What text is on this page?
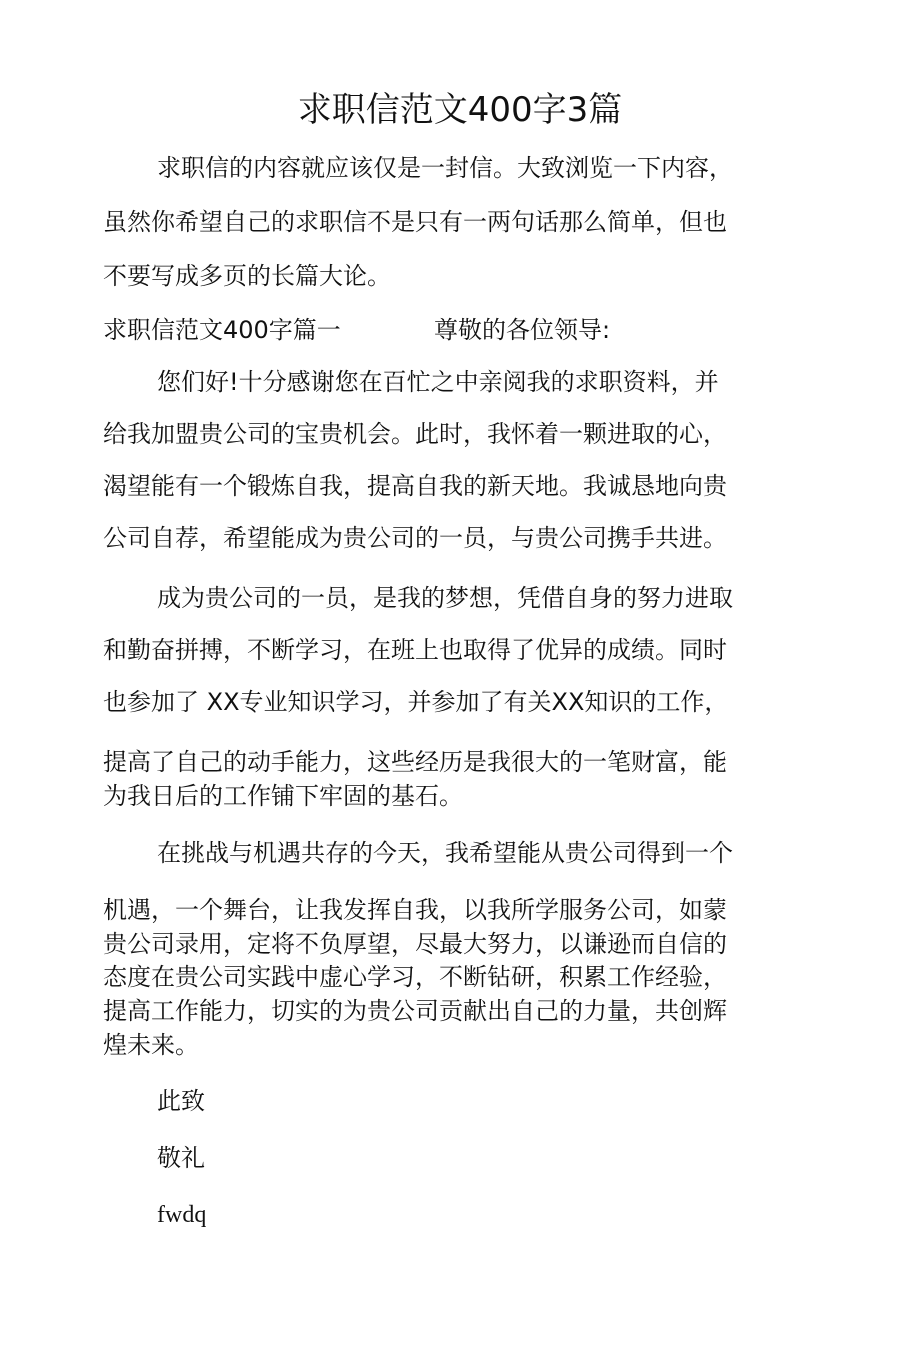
求职信范文400字3篇
求职信的内容就应该仅是一封信。大致浏览一下内容，
虽然你希望自己的求职信不是只有一两句话那么简单，但也
不要写成多页的长篇大论。
求职信范文400字篇一	尊敬的各位领导:
您们好!十分感谢您在百忙之中亲阅我的求职资料，并
给我加盟贵公司的宝贵机会。此时，我怀着一颗进取的心，
渴望能有一个锻炼自我，提高自我的新天地。我诚恳地向贵
公司自荐，希望能成为贵公司的一员，与贵公司携手共进。
成为贵公司的一员，是我的梦想，凭借自身的努力进取
和勤奋拼搏，不断学习，在班上也取得了优异的成绩。同时
也参加了 XX专业知识学习，并参加了有关XX知识的工作，
提高了自己的动手能力，这些经历是我很大的一笔财富，能
为我日后的工作铺下牢固的基石。
在挑战与机遇共存的今天，我希望能从贵公司得到一个
机遇，一个舞台，让我发挥自我，以我所学服务公司，如蒙
贵公司录用，定将不负厚望，尽最大努力，以谦逊而自信的
态度在贵公司实践中虚心学习，不断钻研，积累工作经验，
提高工作能力，切实的为贵公司贡献出自己的力量，共创辉
煌未来。
此致
敬礼
fwdq
